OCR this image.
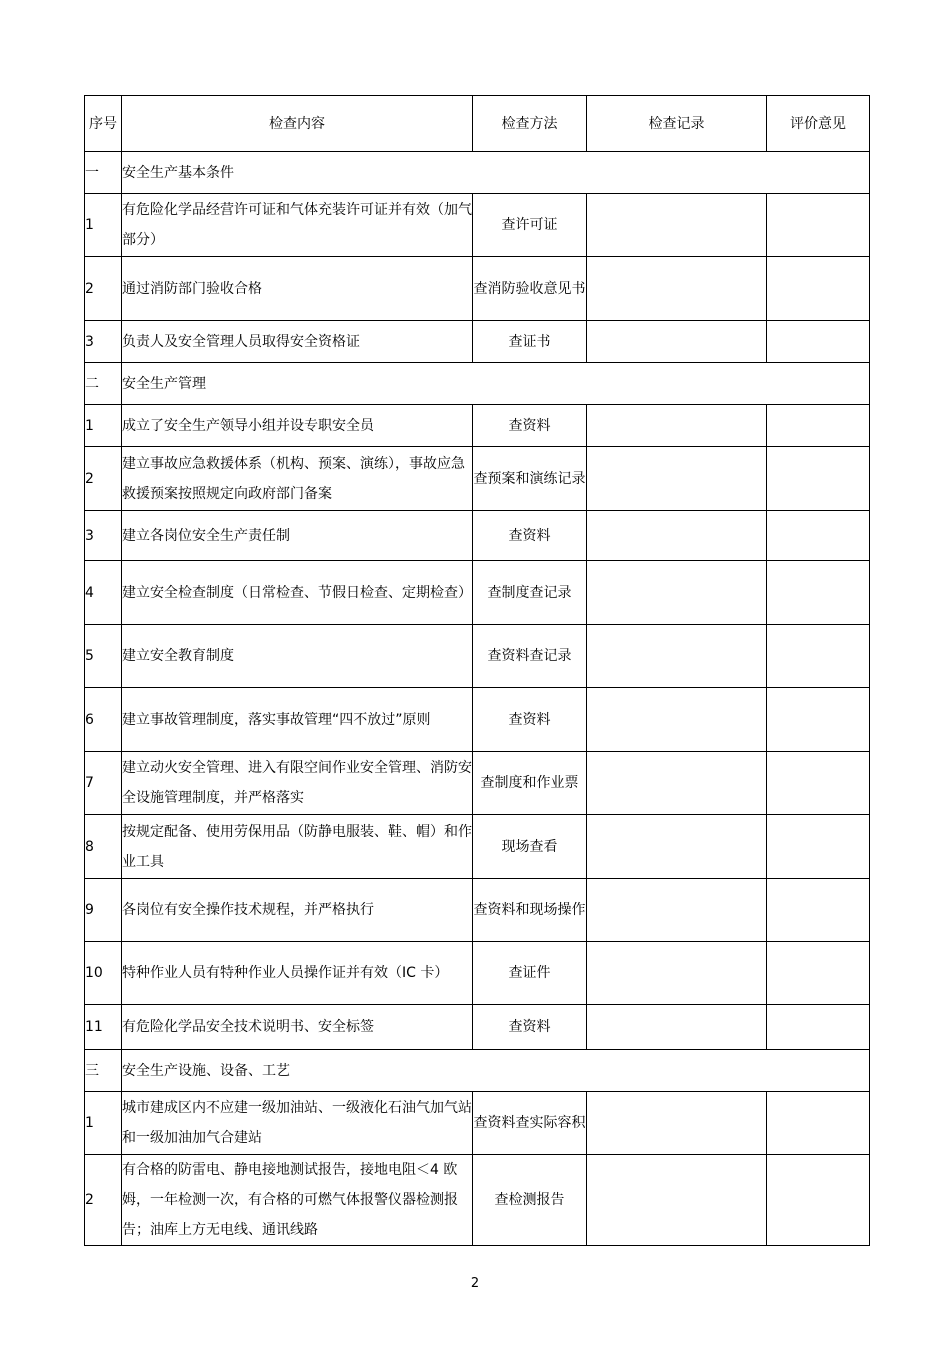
序号	检查内容	检查方法	检查记录	评价意见
一	安全生产基本条件			
1	有危险化学品经营许可证和气体充装许可证并有效（加气部分）	查许可证		
2	通过消防部门验收合格	查消防验收意见书		
3	负责人及安全管理人员取得安全资格证	查证书		
二	安全生产管理			
1	成立了安全生产领导小组并设专职安全员	查资料		
2	建立事故应急救援体系（机构、预案、演练），事故应急救援预案按照规定向政府部门备案	查预案和演练记录		
3	建立各岗位安全生产责任制	查资料		
4	建立安全检查制度（日常检查、节假日检查、定期检查）	查制度查记录		
5	建立安全教育制度	查资料查记录		
6	建立事故管理制度，落实事故管理“四不放过”原则	查资料		
7	建立动火安全管理、进入有限空间作业安全管理、消防安全设施管理制度，并严格落实	查制度和作业票		
8	按规定配备、使用劳保用品（防静电服装、鞋、帽）和作业工具	现场查看		
9	各岗位有安全操作技术规程，并严格执行	查资料和现场操作		
10	特种作业人员有特种作业人员操作证并有效（IC 卡）	查证件		
11	有危险化学品安全技术说明书、安全标签	查资料		
三	安全生产设施、设备、工艺			
1	城市建成区内不应建一级加油站、一级液化石油气加气站和一级加油加气合建站	查资料查实际容积		
2	有合格的防雷电、静电接地测试报告，接地电阻＜4 欧姆，一年检测一次，有合格的可燃气体报警仪器检测报告；油库上方无电线、通讯线路	查检测报告		
2
